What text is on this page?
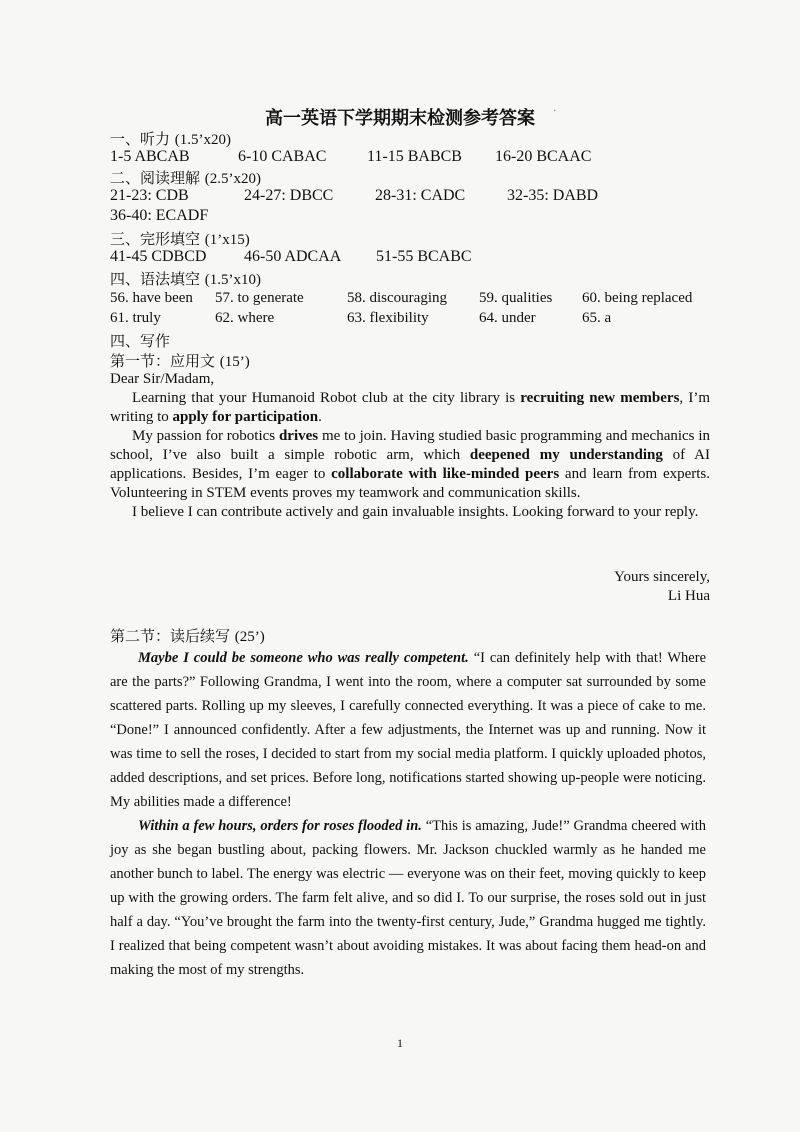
高一英语下学期期末检测参考答案	·
一、听力 (1.5’x20)
1-5 ABCAB	6-10 CABAC	11-15 BABCB 16-20 BCAAC
二、阅读理解 (2.5’x20)
21-23: CDB	24-27: DBCC	28-31: CADC	32-35: DABD
36-40: ECADF
三、完形填空 (1’x15)
41-45 CDBCD 46-50 ADCAA 51-55 BCABC
四、语法填空 (1.5’x10)
56. have been 57. to generate	58. discouraging 59. qualities 60. being replaced
61. truly	62. where	63. flexibility	64. under	65. a
四、写作
第一节：应用文 (15’)

Dear Sir/Madam,

Learning that your Humanoid Robot club at the city library is recruiting new members, I’m writing to apply for participation.

My passion for robotics drives me to join. Having studied basic programming and mechanics in school, I’ve also built a simple robotic arm, which deepened my understanding of AI applications. Besides, I’m eager to collaborate with like-minded peers and learn from experts. Volunteering in STEM events proves my teamwork and communication skills.

I believe I can contribute actively and gain invaluable insights. Looking forward to your reply.

Yours sincerely,
Li Hua
第二节：读后续写 (25’)

Maybe I could be someone who was really competent. “I can definitely help with that! Where are the parts?” Following Grandma, I went into the room, where a computer sat surrounded by some scattered parts. Rolling up my sleeves, I carefully connected everything. It was a piece of cake to me. “Done!” I announced confidently. After a few adjustments, the Internet was up and running. Now it was time to sell the roses, I decided to start from my social media platform. I quickly uploaded photos, added descriptions, and set prices. Before long, notifications started showing up-people were noticing. My abilities made a difference!

Within a few hours, orders for roses flooded in. “This is amazing, Jude!” Grandma cheered with joy as she began bustling about, packing flowers. Mr. Jackson chuckled warmly as he handed me another bunch to label. The energy was electric — everyone was on their feet, moving quickly to keep up with the growing orders. The farm felt alive, and so did I. To our surprise, the roses sold out in just half a day. “You’ve brought the farm into the twenty-first century, Jude,” Grandma hugged me tightly. I realized that being competent wasn’t about avoiding mistakes. It was about facing them head-on and making the most of my strengths.

1
